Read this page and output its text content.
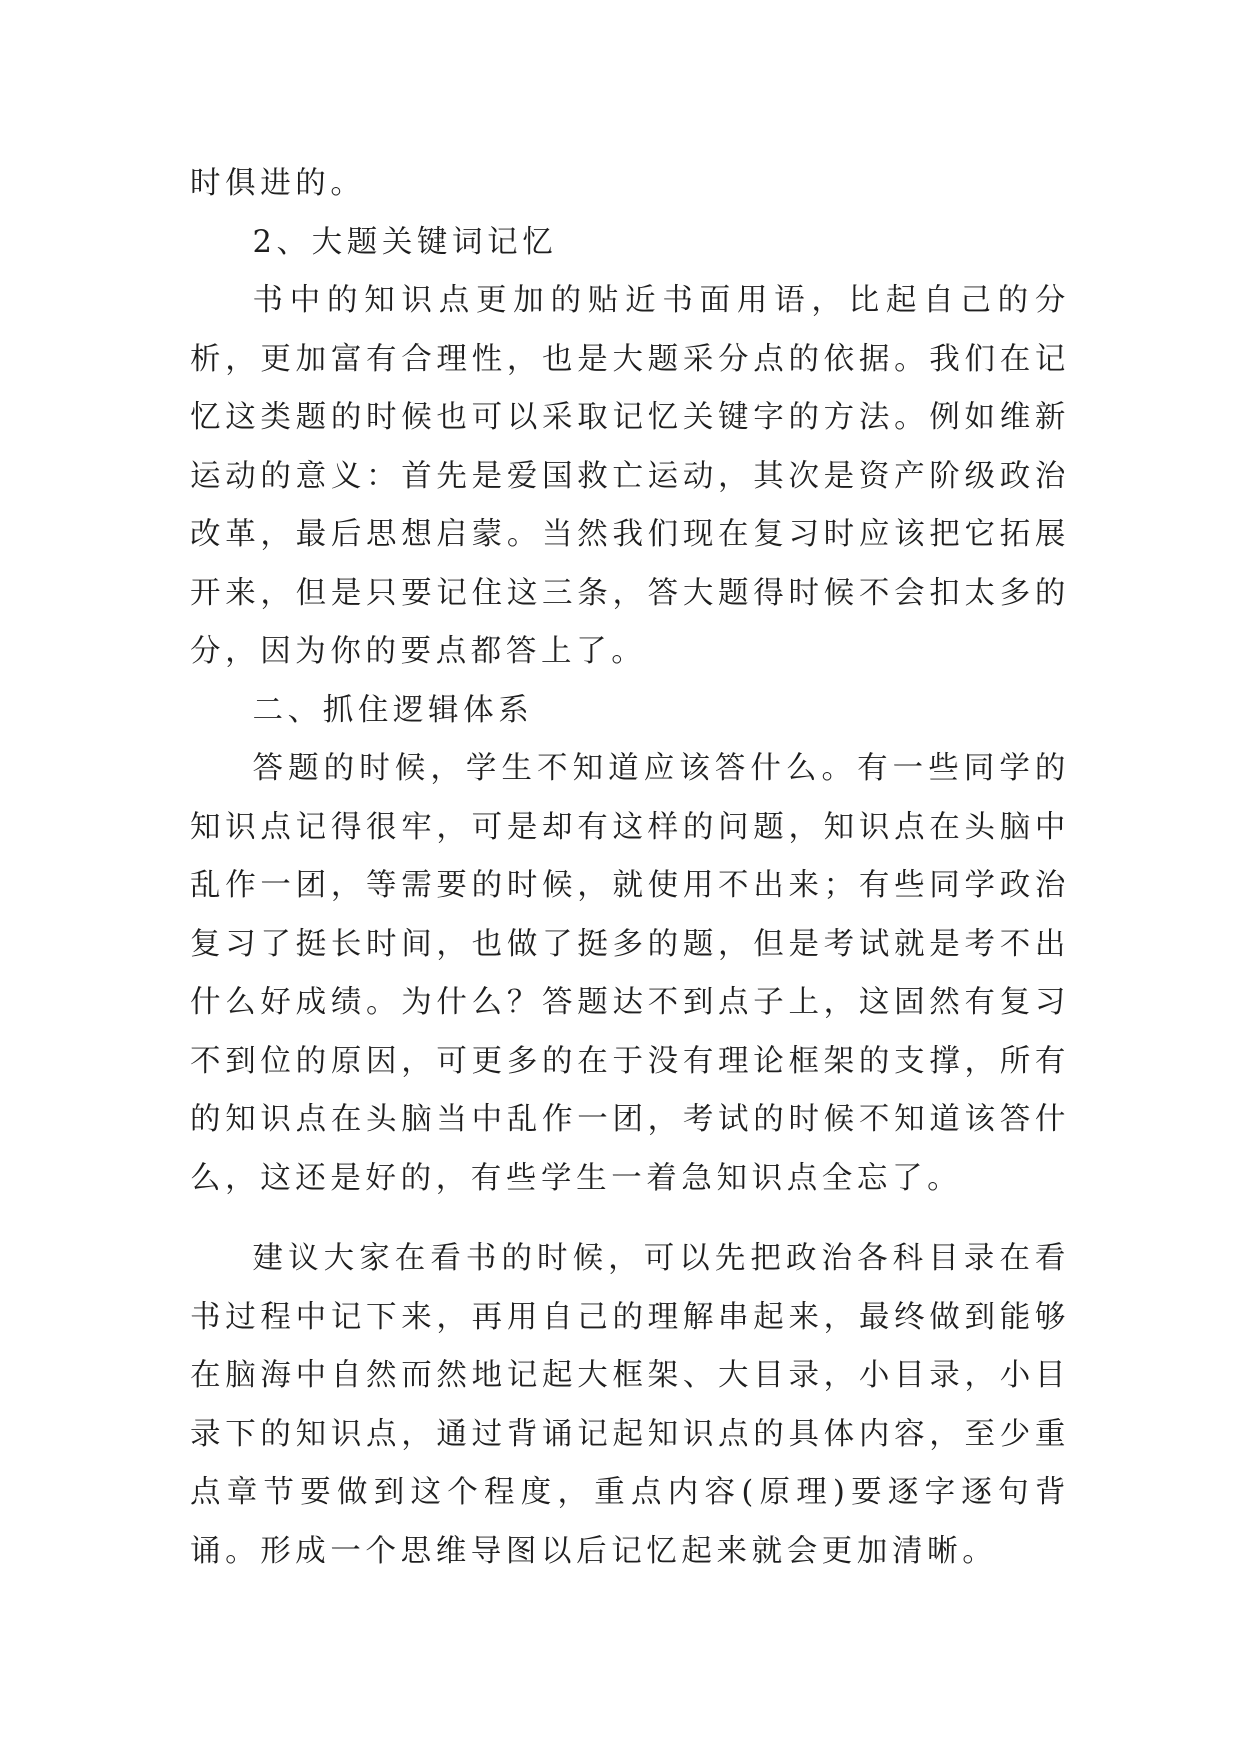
时俱进的。

2、大题关键词记忆

书中的知识点更加的贴近书面用语，比起自己的分析，更加富有合理性，也是大题采分点的依据。我们在记忆这类题的时候也可以采取记忆关键字的方法。例如维新运动的意义：首先是爱国救亡运动，其次是资产阶级政治改革，最后思想启蒙。当然我们现在复习时应该把它拓展开来，但是只要记住这三条，答大题得时候不会扣太多的分，因为你的要点都答上了。

二、抓住逻辑体系

答题的时候，学生不知道应该答什么。有一些同学的知识点记得很牢，可是却有这样的问题，知识点在头脑中乱作一团，等需要的时候，就使用不出来；有些同学政治复习了挺长时间，也做了挺多的题，但是考试就是考不出什么好成绩。为什么？答题达不到点子上，这固然有复习不到位的原因，可更多的在于没有理论框架的支撑，所有的知识点在头脑当中乱作一团，考试的时候不知道该答什么，这还是好的，有些学生一着急知识点全忘了。

建议大家在看书的时候，可以先把政治各科目录在看书过程中记下来，再用自己的理解串起来，最终做到能够在脑海中自然而然地记起大框架、大目录，小目录，小目录下的知识点，通过背诵记起知识点的具体内容，至少重点章节要做到这个程度，重点内容(原理)要逐字逐句背诵。形成一个思维导图以后记忆起来就会更加清晰。
